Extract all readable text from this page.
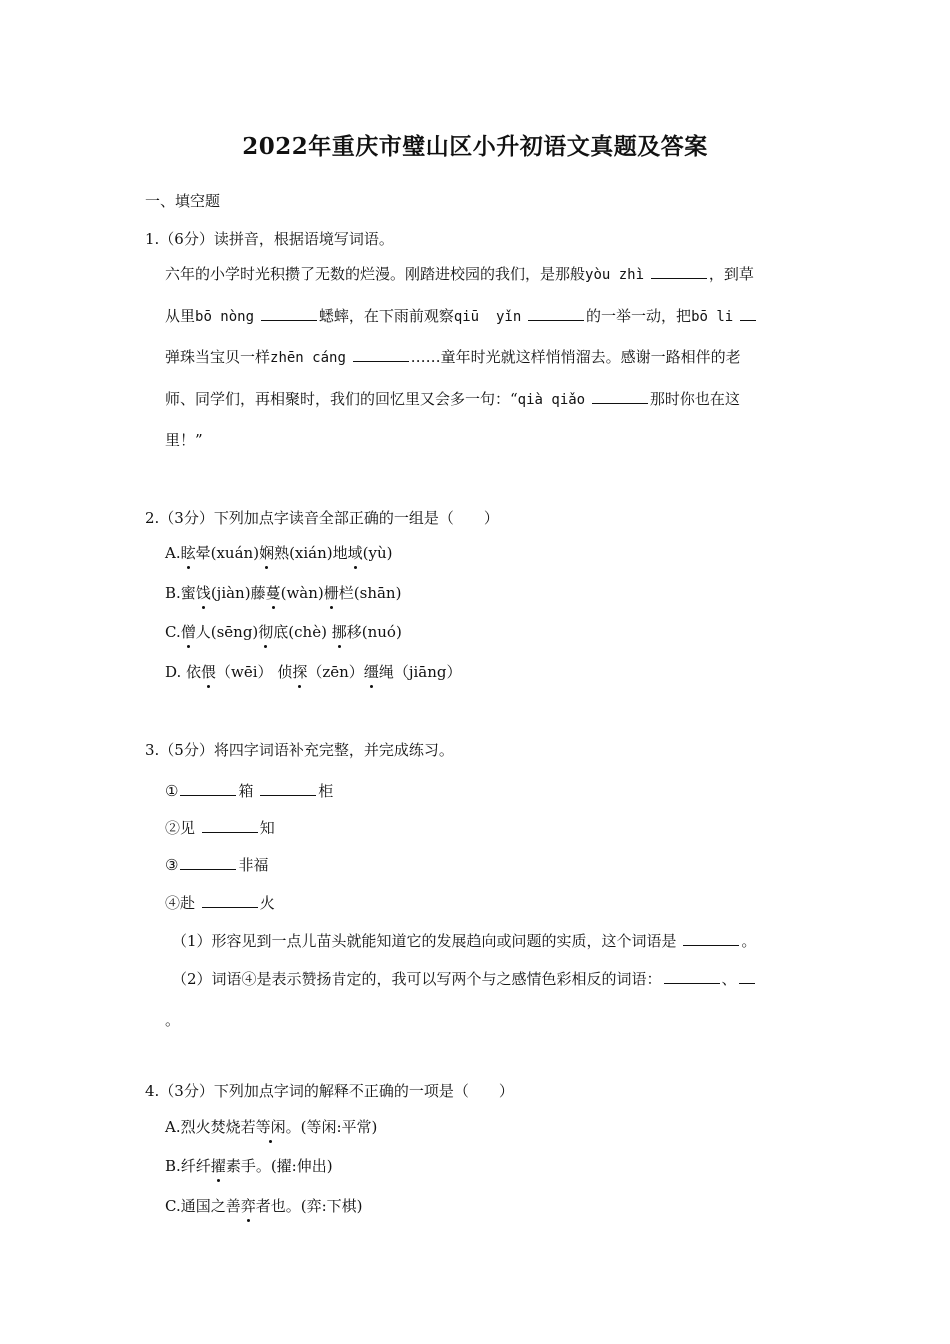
2022年重庆市璧山区小升初语文真题及答案
一、填空题
1.（6分）读拼音，根据语境写词语。
六年的小学时光积攒了无数的烂漫。刚踏进校园的我们，是那般yòu zhì	，到草
从里bō nòng	蟋蟀，在下雨前观察qiū  yǐn	的一举一动，把bō li
弹珠当宝贝一样zhēn cáng	……童年时光就这样悄悄溜去。感谢一路相伴的老
师、同学们，再相聚时，我们的回忆里又会多一句：“qià qiǎo	那时你也在这
里！”
2.（3分）下列加点字读音全部正确的一组是（　　）
A.眩晕(xuán)娴熟(xián)地域(yù)
B.蜜饯(jiàn)藤蔓(wàn)栅栏(shān)
C.僧人(sēng)彻底(chè) 挪移(nuó)
D. 依偎（wēi） 侦探（zēn）缰绳（jiāng）
3.（5分）将四字词语补充完整，并完成练习。
①	箱	柜
②见	知
③	非福
④赴	火
（1）形容见到一点儿苗头就能知道它的发展趋向或问题的实质，这个词语是	。
（2）词语④是表示赞扬肯定的，我可以写两个与之感情色彩相反的词语：	、
。
4.（3分）下列加点字词的解释不正确的一项是（　　）
A.烈火焚烧若等闲。(等闲:平常)
B.纤纤擢素手。(擢:伸出)
C.通国之善弈者也。(弈:下棋)
